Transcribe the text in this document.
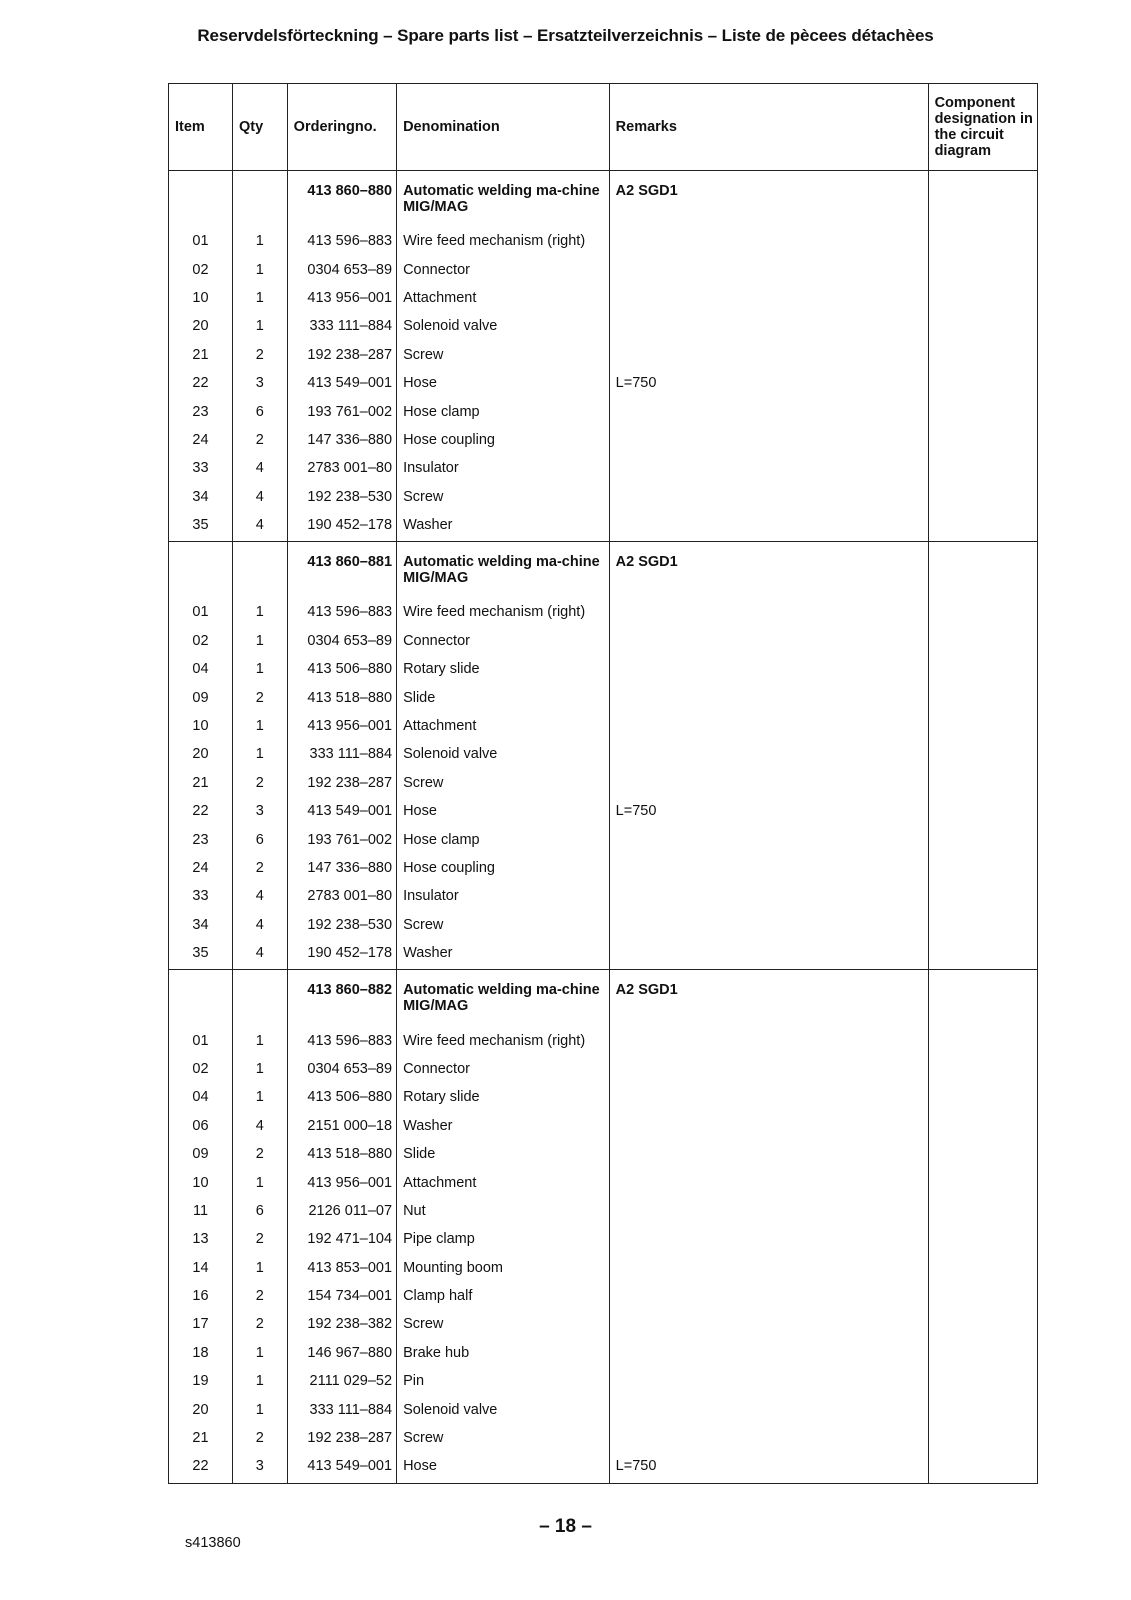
Reservdelsförteckning – Spare parts list – Ersatzteilverzeichnis – Liste de pècees détachèes
Item	Qty	Orderingno.	Denomination	Remarks	Component designation in the circuit diagram
		413 860–880	Automatic welding ma-chine MIG/MAG	A2 SGD1	
01	1	413 596–883	Wire feed mechanism (right)		
02	1	0304 653–89	Connector		
10	1	413 956–001	Attachment		
20	1	333 111–884	Solenoid valve		
21	2	192 238–287	Screw		
22	3	413 549–001	Hose	L=750	
23	6	193 761–002	Hose clamp		
24	2	147 336–880	Hose coupling		
33	4	2783 001–80	Insulator		
34	4	192 238–530	Screw		
35	4	190 452–178	Washer		

		413 860–881	Automatic welding ma-chine MIG/MAG	A2 SGD1	
01	1	413 596–883	Wire feed mechanism (right)		
02	1	0304 653–89	Connector		
04	1	413 506–880	Rotary slide		
09	2	413 518–880	Slide		
10	1	413 956–001	Attachment		
20	1	333 111–884	Solenoid valve		
21	2	192 238–287	Screw		
22	3	413 549–001	Hose	L=750	
23	6	193 761–002	Hose clamp		
24	2	147 336–880	Hose coupling		
33	4	2783 001–80	Insulator		
34	4	192 238–530	Screw		
35	4	190 452–178	Washer		

		413 860–882	Automatic welding ma-chine MIG/MAG	A2 SGD1	
01	1	413 596–883	Wire feed mechanism (right)		
02	1	0304 653–89	Connector		
04	1	413 506–880	Rotary slide		
06	4	2151 000–18	Washer		
09	2	413 518–880	Slide		
10	1	413 956–001	Attachment		
11	6	2126 011–07	Nut		
13	2	192 471–104	Pipe clamp		
14	1	413 853–001	Mounting boom		
16	2	154 734–001	Clamp half		
17	2	192 238–382	Screw		
18	1	146 967–880	Brake hub		
19	1	2111 029–52	Pin		
20	1	333 111–884	Solenoid valve		
21	2	192 238–287	Screw		
22	3	413 549–001	Hose	L=750	

– 18 –
s413860
